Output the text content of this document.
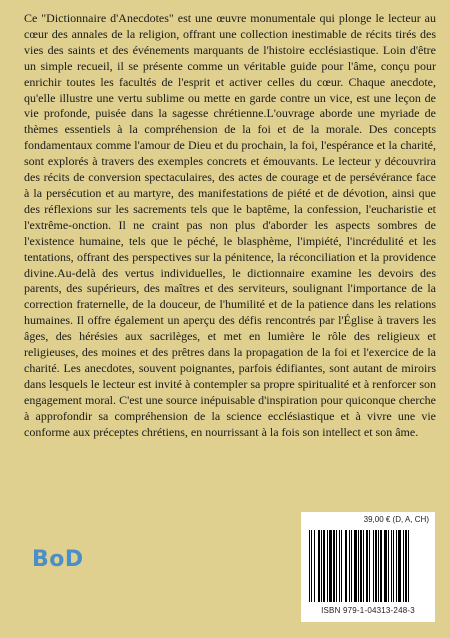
Ce "Dictionnaire d'Anecdotes" est une œuvre monumentale qui plonge le lecteur au cœur des annales de la religion, offrant une collection inestimable de récits tirés des vies des saints et des événements marquants de l'histoire ecclésiastique. Loin d'être un simple recueil, il se présente comme un véritable guide pour l'âme, conçu pour enrichir toutes les facultés de l'esprit et activer celles du cœur. Chaque anecdote, qu'elle illustre une vertu sublime ou mette en garde contre un vice, est une leçon de vie profonde, puisée dans la sagesse chrétienne.L'ouvrage aborde une myriade de thèmes essentiels à la compréhension de la foi et de la morale. Des concepts fondamentaux comme l'amour de Dieu et du prochain, la foi, l'espérance et la charité, sont explorés à travers des exemples concrets et émouvants. Le lecteur y découvrira des récits de conversion spectaculaires, des actes de courage et de persévérance face à la persécution et au martyre, des manifestations de piété et de dévotion, ainsi que des réflexions sur les sacrements tels que le baptême, la confession, l'eucharistie et l'extrême-onction. Il ne craint pas non plus d'aborder les aspects sombres de l'existence humaine, tels que le péché, le blasphème, l'impiété, l'incrédulité et les tentations, offrant des perspectives sur la pénitence, la réconciliation et la providence divine.Au-delà des vertus individuelles, le dictionnaire examine les devoirs des parents, des supérieurs, des maîtres et des serviteurs, soulignant l'importance de la correction fraternelle, de la douceur, de l'humilité et de la patience dans les relations humaines. Il offre également un aperçu des défis rencontrés par l'Église à travers les âges, des hérésies aux sacrilèges, et met en lumière le rôle des religieux et religieuses, des moines et des prêtres dans la propagation de la foi et l'exercice de la charité. Les anecdotes, souvent poignantes, parfois édifiantes, sont autant de miroirs dans lesquels le lecteur est invité à contempler sa propre spiritualité et à renforcer son engagement moral. C'est une source inépuisable d'inspiration pour quiconque cherche à approfondir sa compréhension de la science ecclésiastique et à vivre une vie conforme aux préceptes chrétiens, en nourrissant à la fois son intellect et son âme.

BoD
39,00 € (D, A, CH)
ISBN 979-1-04313-248-3
